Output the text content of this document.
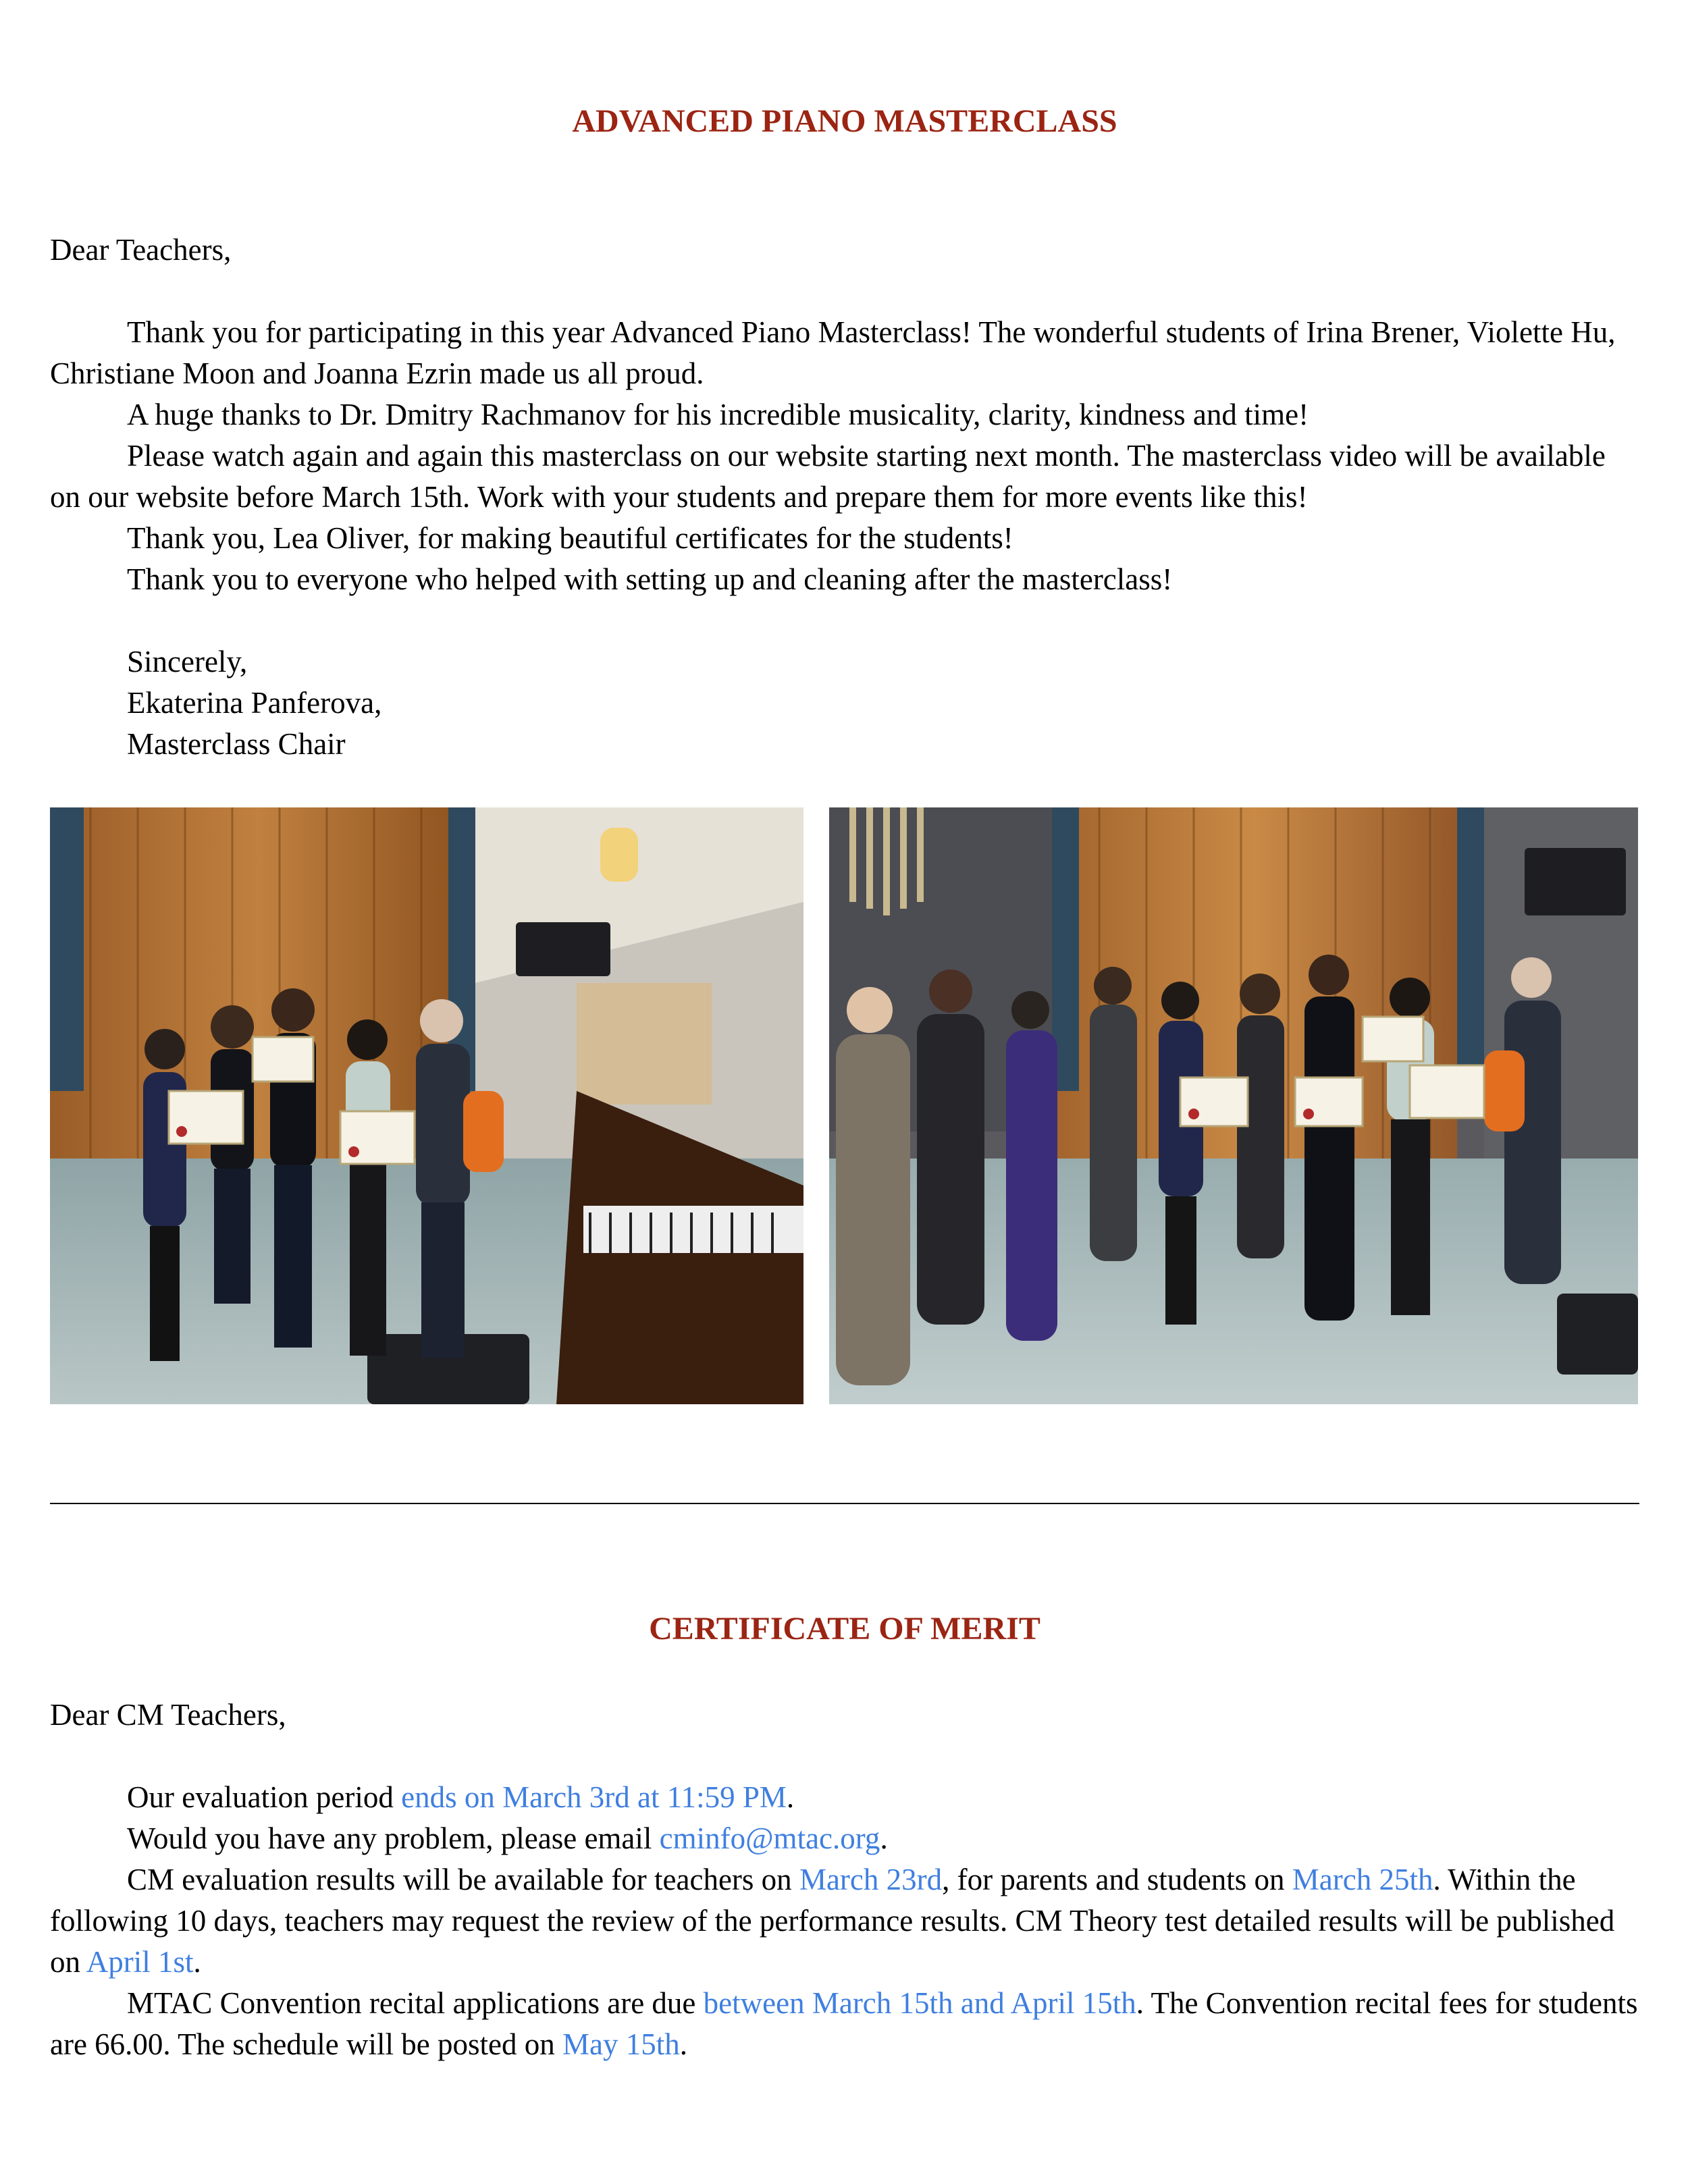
ADVANCED PIANO MASTERCLASS

Dear Teachers,

Thank you for participating in this year Advanced Piano Masterclass! The wonderful students of Irina Brener, Violette Hu, Christiane Moon and Joanna Ezrin made us all proud.

A huge thanks to Dr. Dmitry Rachmanov for his incredible musicality, clarity, kindness and time!

Please watch again and again this masterclass on our website starting next month. The masterclass video will be available on our website before March 15th. Work with your students and prepare them for more events like this!

Thank you, Lea Oliver, for making beautiful certificates for the students!

Thank you to everyone who helped with setting up and cleaning after the masterclass!

Sincerely,

Ekaterina Panferova,

Masterclass Chair

CERTIFICATE OF MERIT

Dear CM Teachers,

Our evaluation period ends on March 3rd at 11:59 PM.

Would you have any problem, please email cminfo@mtac.org.

CM evaluation results will be available for teachers on March 23rd, for parents and students on March 25th. Within the following 10 days, teachers may request the review of the performance results. CM Theory test detailed results will be published on April 1st.

MTAC Convention recital applications are due between March 15th and April 15th. The Convention recital fees for students are 66.00. The schedule will be posted on May 15th.
